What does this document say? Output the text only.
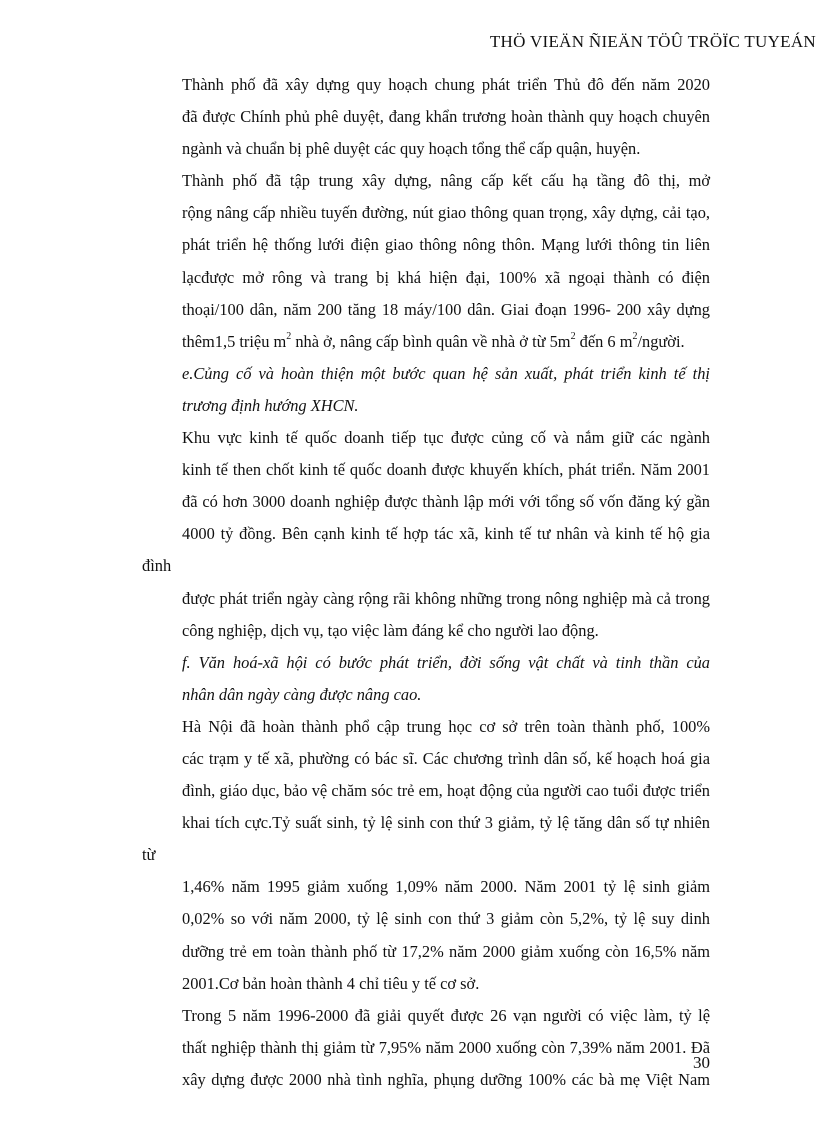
THÖ VIEÄN ÑIEÄN TÖÛ TRÖÏC TUYEÁN

Thành phố đã xây dựng quy hoạch chung phát triển Thủ đô đến năm 2020
đã được Chính phủ phê duyệt, đang khẩn trương hoàn thành quy hoạch chuyên
ngành và chuẩn bị phê duyệt các quy hoạch tổng thể cấp quận, huyện.

Thành phố đã tập trung xây dựng, nâng cấp kết cấu hạ tầng đô thị, mở
rộng nâng cấp nhiều tuyến đường, nút giao thông quan trọng, xây dựng, cải tạo,
phát triển hệ thống lưới điện giao thông nông thôn. Mạng lưới thông tin liên
lạcđược mở rông và trang bị khá hiện đại, 100% xã ngoại thành có điện
thoại/100 dân, năm 200 tăng 18 máy/100 dân. Giai đoạn 1996- 200 xây dựng
thêm1,5 triệu $m^2$ nhà ở, nâng cấp bình quân về nhà ở từ $5m^2$ đến 6 $m^2$/người.

e.Củng cố và hoàn thiện một bước quan hệ sản xuất, phát triển kinh tế thị
trương định hướng XHCN.

Khu vực kinh tế quốc doanh tiếp tục được củng cố và nắm giữ các ngành
kinh tế then chốt kinh tế quốc doanh được khuyến khích, phát triển. Năm 2001
đã có hơn 3000 doanh nghiệp được thành lập mới với tổng số vốn đăng ký gần
4000 tỷ đồng. Bên cạnh kinh tế hợp tác xã, kinh tế tư nhân và kinh tế hộ gia đình
được phát triển ngày càng rộng rãi không những trong nông nghiệp mà cả trong
công nghiệp, dịch vụ, tạo việc làm đáng kể cho người lao động.

f. Văn hoá-xã hội có bước phát triển, đời sống vật chất và tinh thần của
nhân dân ngày càng được nâng cao.

Hà Nội đã hoàn thành phổ cập trung học cơ sở trên toàn thành phố, 100%
các trạm y tế xã, phường có bác sĩ. Các chương trình dân số, kế hoạch hoá gia
đình, giáo dục, bảo vệ chăm sóc trẻ em, hoạt động của người cao tuổi được triển
khai tích cực.Tỷ suất sinh, tỷ lệ sinh con thứ 3 giảm, tỷ lệ tăng dân số tự nhiên từ
1,46% năm 1995 giảm xuống 1,09% năm 2000. Năm 2001 tỷ lệ sinh giảm
0,02% so với năm 2000, tỷ lệ sinh con thứ 3 giảm còn 5,2%, tỷ lệ suy dinh
dưỡng trẻ em toàn thành phố từ 17,2% năm 2000 giảm xuống còn 16,5% năm
2001.Cơ bản hoàn thành 4 chỉ tiêu y tế cơ sở.

Trong 5 năm 1996-2000 đã giải quyết được 26 vạn người có việc làm, tỷ lệ
thất nghiệp thành thị giảm từ 7,95% năm 2000 xuống còn 7,39% năm 2001. Đã
xây dựng được 2000 nhà tình nghĩa, phụng dưỡng 100% các bà mẹ Việt Nam

30
